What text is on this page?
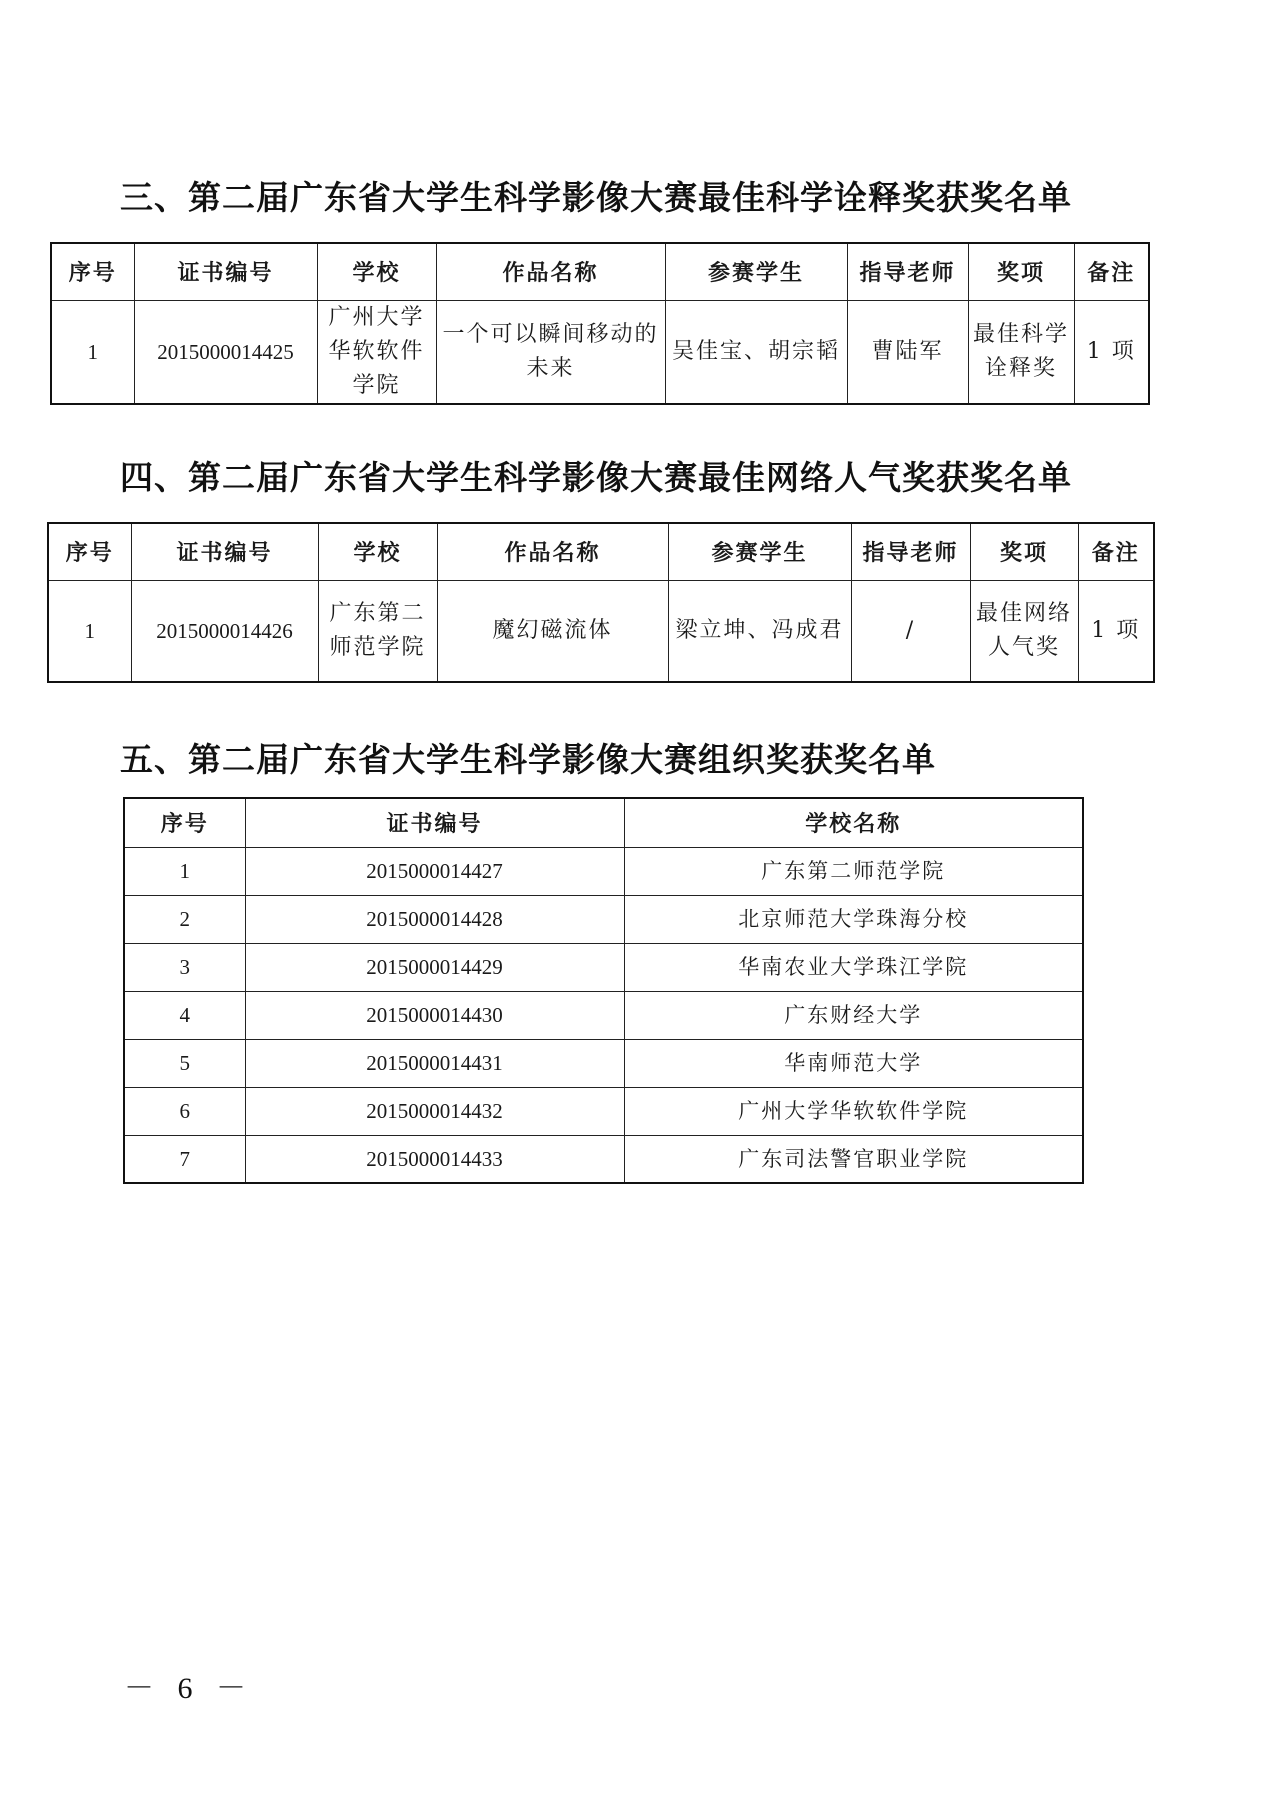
三、第二届广东省大学生科学影像大赛最佳科学诠释奖获奖名单
序号	证书编号	学校	作品名称	参赛学生	指导老师	奖项	备注
1	2015000014425	广州大学华软软件学院	一个可以瞬间移动的未来	吴佳宝、胡宗韬	曹陆军	最佳科学诠释奖	1 项
四、第二届广东省大学生科学影像大赛最佳网络人气奖获奖名单
序号	证书编号	学校	作品名称	参赛学生	指导老师	奖项	备注
1	2015000014426	广东第二师范学院	魔幻磁流体	梁立坤、冯成君	/	最佳网络人气奖	1 项
五、第二届广东省大学生科学影像大赛组织奖获奖名单
序号	证书编号	学校名称
1	2015000014427	广东第二师范学院
2	2015000014428	北京师范大学珠海分校
3	2015000014429	华南农业大学珠江学院
4	2015000014430	广东财经大学
5	2015000014431	华南师范大学
6	2015000014432	广州大学华软软件学院
7	2015000014433	广东司法警官职业学院
－ 6 －
